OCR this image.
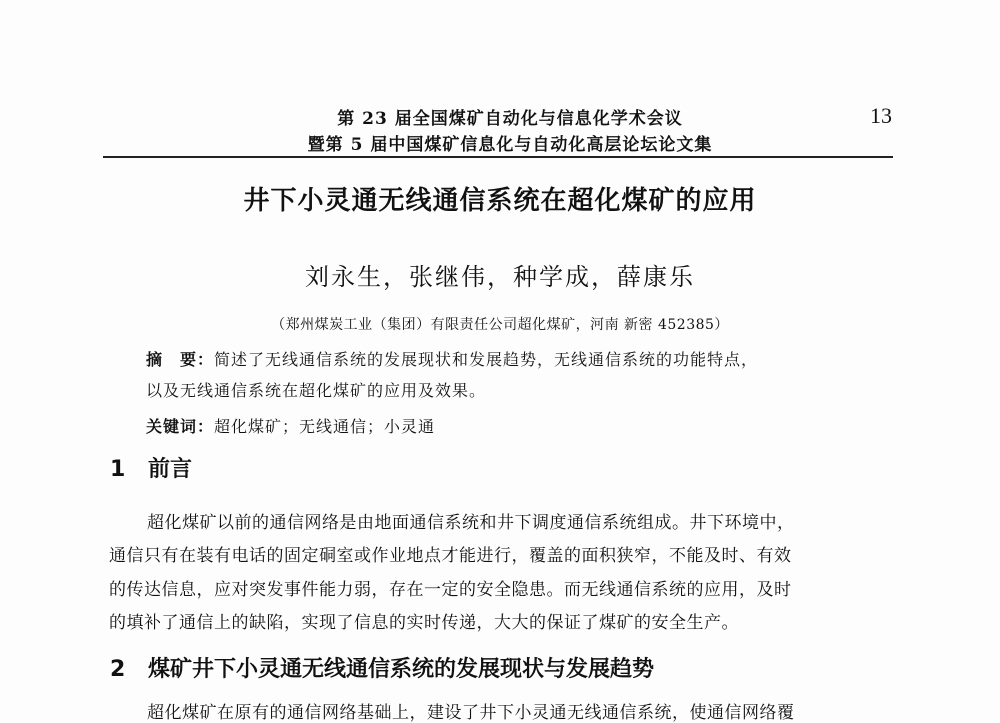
第 23 届全国煤矿自动化与信息化学术会议
暨第 5 届中国煤矿信息化与自动化高层论坛论文集
13
井下小灵通无线通信系统在超化煤矿的应用
刘永生，张继伟，种学成，薛康乐
（郑州煤炭工业（集团）有限责任公司超化煤矿，河南 新密 452385）
摘　要：简述了无线通信系统的发展现状和发展趋势，无线通信系统的功能特点，
以及无线通信系统在超化煤矿的应用及效果。
关键词：超化煤矿；无线通信；小灵通
1 前言
超化煤矿以前的通信网络是由地面通信系统和井下调度通信系统组成。井下环境中，
通信只有在装有电话的固定硐室或作业地点才能进行，覆盖的面积狭窄，不能及时、有效
的传达信息，应对突发事件能力弱，存在一定的安全隐患。而无线通信系统的应用，及时
的填补了通信上的缺陷，实现了信息的实时传递，大大的保证了煤矿的安全生产。
2 煤矿井下小灵通无线通信系统的发展现状与发展趋势
超化煤矿在原有的通信网络基础上，建设了井下小灵通无线通信系统，使通信网络覆
